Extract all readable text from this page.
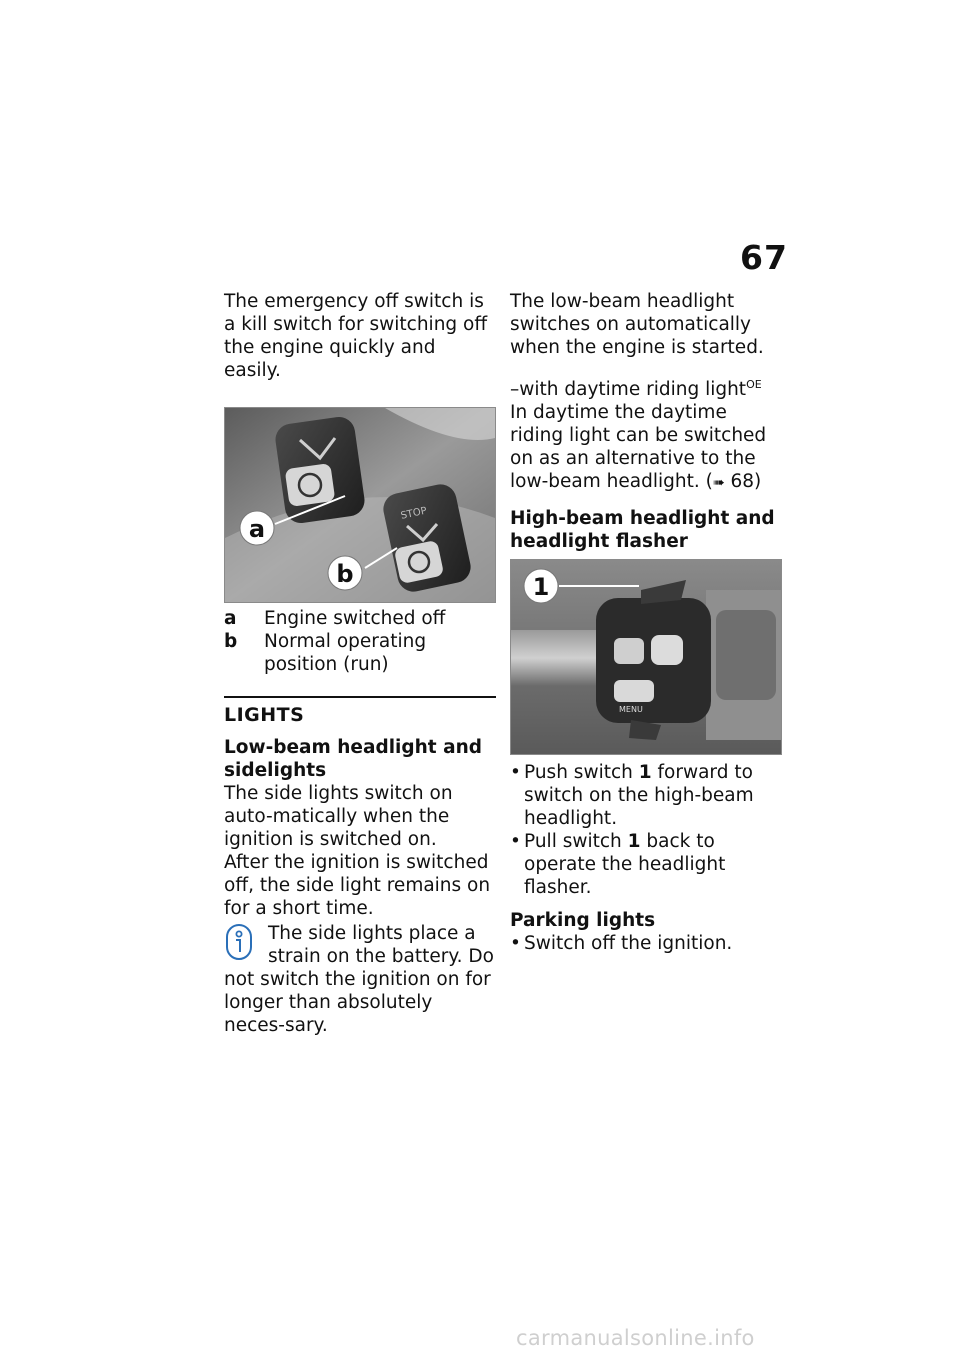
67

The emergency off switch is a kill switch for switching off the engine quickly and easily.

STOP
a
b
a	Engine switched off
b	Normal operating position (run)
LIGHTS

Low-beam headlight and sidelights

The side lights switch on auto-matically when the ignition is switched on.

After the ignition is switched off, the side light remains on for a short time.

The side lights place a strain on the battery. Do

not switch the ignition on for longer than absolutely neces-sary.

The low-beam headlight switches on automatically when the engine is started.

–with daytime riding light$^{OE}$

In daytime the daytime riding light can be switched on as an alternative to the low-beam headlight. (➠ 68)

High-beam headlight and headlight flasher

MENU
1
• Push switch 1 forward to switch on the high-beam headlight.
• Pull switch 1 back to operate the headlight flasher.

Parking lights

• Switch off the ignition.
carmanualsonline.info
